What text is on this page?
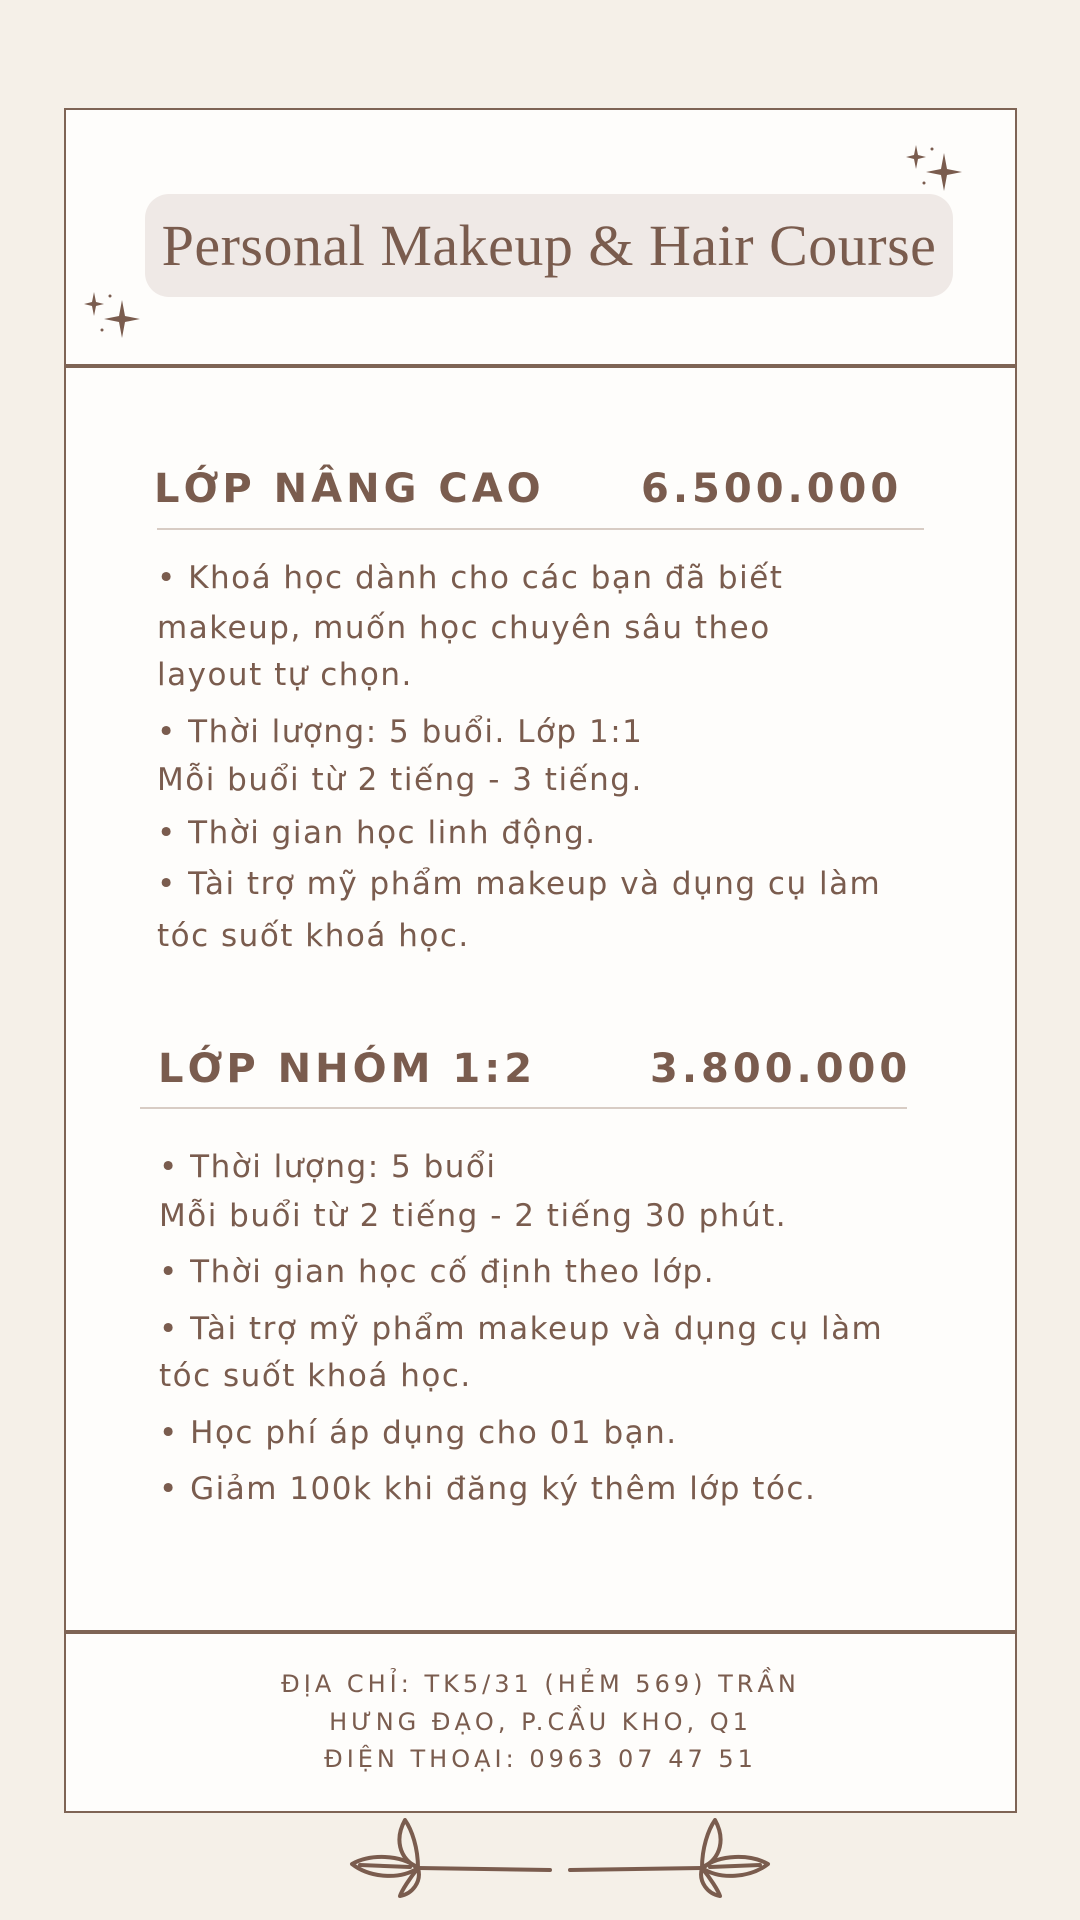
Personal Makeup & Hair Course
LỚP NÂNG CAO 6.500.000
• Khoá học dành cho các bạn đã biết
makeup, muốn học chuyên sâu theo
layout tự chọn.
• Thời lượng: 5 buổi. Lớp 1:1
Mỗi buổi từ 2 tiếng - 3 tiếng.
• Thời gian học linh động.
• Tài trợ mỹ phẩm makeup và dụng cụ làm
tóc suốt khoá học.
LỚP NHÓM 1:2	3.800.000
• Thời lượng: 5 buổi
Mỗi buổi từ 2 tiếng - 2 tiếng 30 phút.
• Thời gian học cố định theo lớp.
• Tài trợ mỹ phẩm makeup và dụng cụ làm
tóc suốt khoá học.
• Học phí áp dụng cho 01 bạn.
• Giảm 100k khi đăng ký thêm lớp tóc.
ĐỊA CHỈ: TK5/31 (HẺM 569) TRẦN
HƯNG ĐẠO, P.CẦU KHO, Q1
ĐIỆN THOẠI: 0963 07 47 51
